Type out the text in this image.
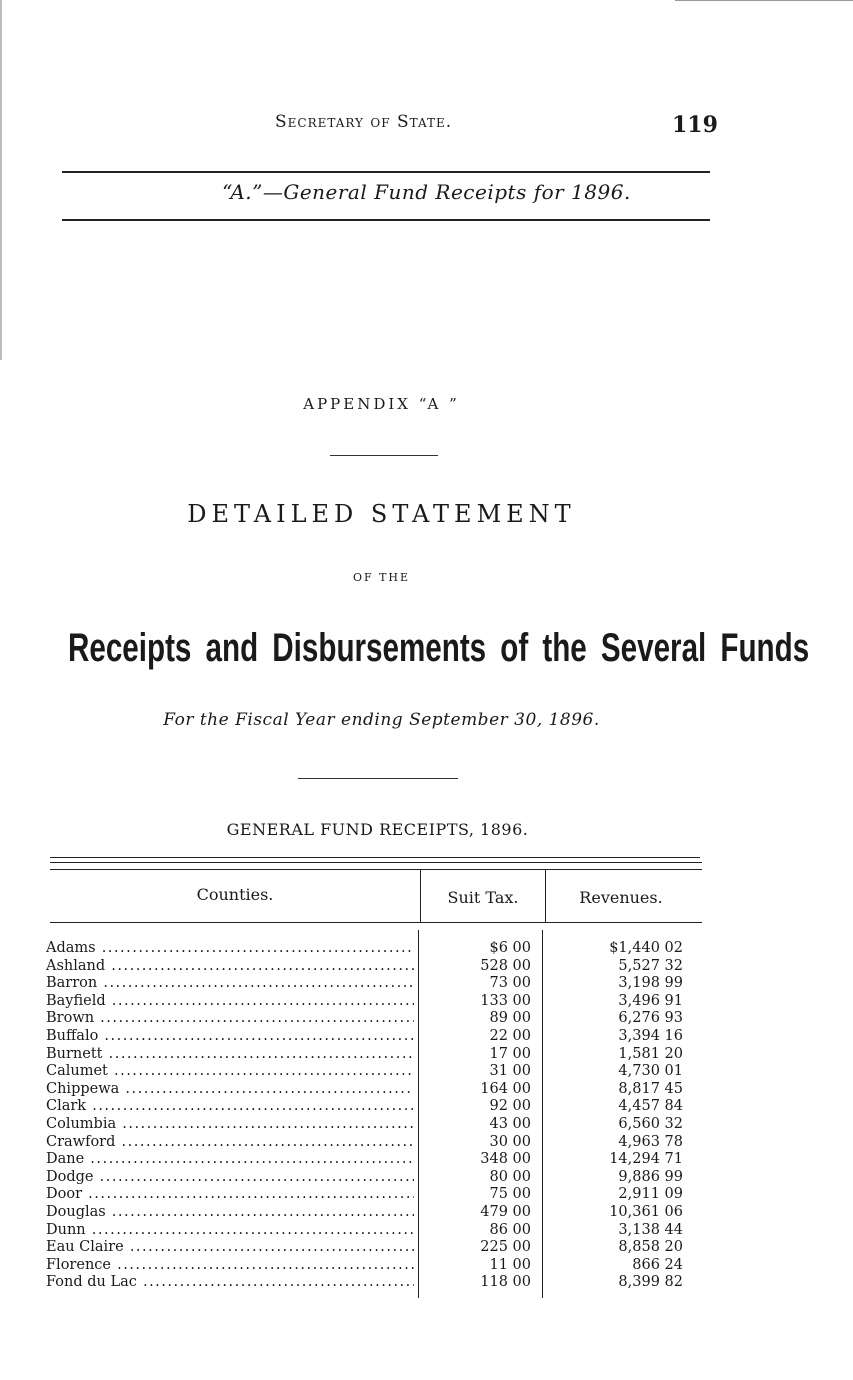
Secretary of State.	119
“A.”—General Fund Receipts for 1896.
APPENDIX “A ”
DETAILED STATEMENT
OF THE
Receipts and Disbursements of the Several Funds
For the Fiscal Year ending September 30, 1896.
GENERAL FUND RECEIPTS, 1896.
Counties.	Suit Tax.	Revenues.
Adams .....	$6 00	$1,440 02
Ashland .....	528 00	5,527 32
Barron .....	73 00	3,198 99
Bayfield .....	133 00	3,496 91
Brown .....	89 00	6,276 93
Buffalo .....	22 00	3,394 16
Burnett .....	17 00	1,581 20
Calumet .....	31 00	4,730 01
Chippewa .....	164 00	8,817 45
Clark .....	92 00	4,457 84
Columbia .....	43 00	6,560 32
Crawford .....	30 00	4,963 78
Dane .....	348 00	14,294 71
Dodge .....	80 00	9,886 99
Door .....	75 00	2,911 09
Douglas .....	479 00	10,361 06
Dunn .....	86 00	3,138 44
Eau Claire .....	225 00	8,858 20
Florence .....	11 00	866 24
Fond du Lac .....	118 00	8,399 82
